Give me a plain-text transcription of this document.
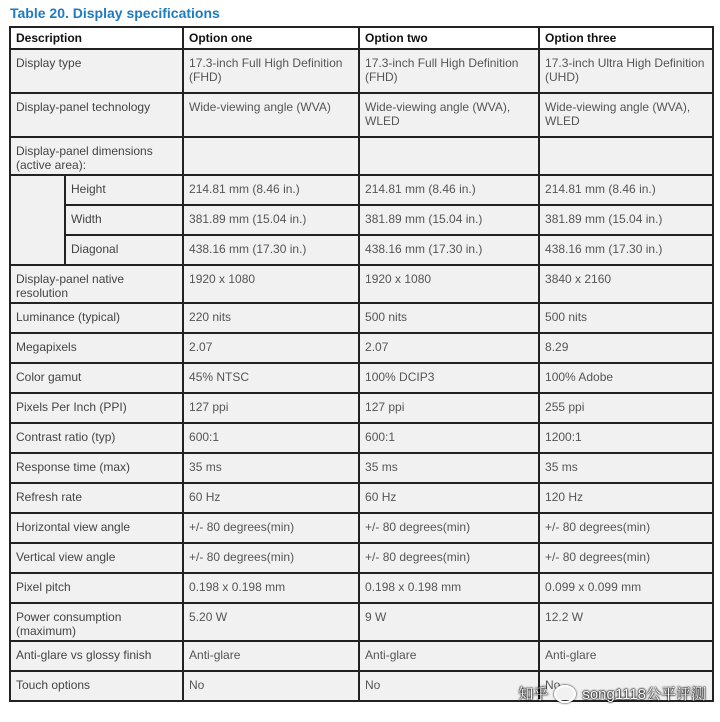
Table 20. Display specifications
Description		Option one	Option two	Option three
Display type		17.3-inch Full High Definition (FHD)	17.3-inch Full High Definition (FHD)	17.3-inch Ultra High Definition (UHD)
Display-panel technology		Wide-viewing angle (WVA)	Wide-viewing angle (WVA), WLED	Wide-viewing angle (WVA), WLED
Display-panel dimensions (active area):				
	Height	214.81 mm (8.46 in.)	214.81 mm (8.46 in.)	214.81 mm (8.46 in.)
	Width	381.89 mm (15.04 in.)	381.89 mm (15.04 in.)	381.89 mm (15.04 in.)
	Diagonal	438.16 mm (17.30 in.)	438.16 mm (17.30 in.)	438.16 mm (17.30 in.)
Display-panel native resolution		1920 x 1080	1920 x 1080	3840 x 2160
Luminance (typical)		220 nits	500 nits	500 nits
Megapixels		2.07	2.07	8.29
Color gamut		45% NTSC	100% DCIP3	100% Adobe
Pixels Per Inch (PPI)		127 ppi	127 ppi	255 ppi
Contrast ratio (typ)		600:1	600:1	1200:1
Response time (max)		35 ms	35 ms	35 ms
Refresh rate		60 Hz	60 Hz	120 Hz
Horizontal view angle		+/- 80 degrees(min)	+/- 80 degrees(min)	+/- 80 degrees(min)
Vertical view angle		+/- 80 degrees(min)	+/- 80 degrees(min)	+/- 80 degrees(min)
Pixel pitch		0.198 x 0.198 mm	0.198 x 0.198 mm	0.099 x 0.099 mm
Power consumption (maximum)		5.20 W	9 W	12.2 W
Anti-glare vs glossy finish		Anti-glare	Anti-glare	Anti-glare
Touch options		No	No	No
知乎 song1118公平评测
